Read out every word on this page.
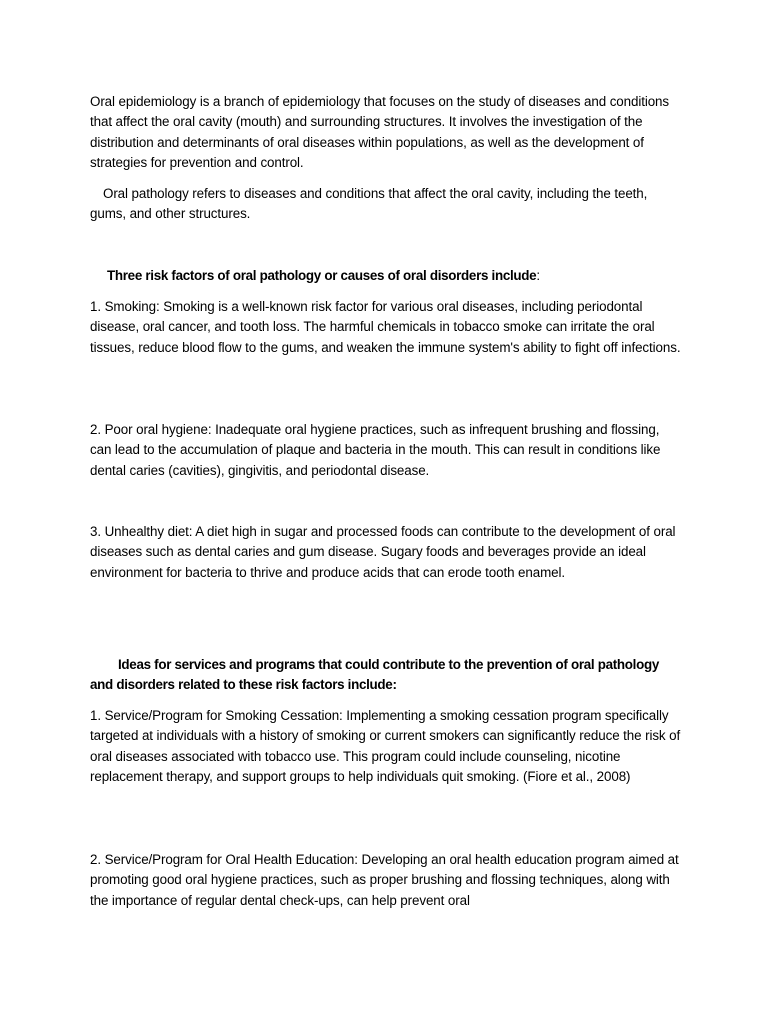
Oral epidemiology is a branch of epidemiology that focuses on the study of diseases and conditions that affect the oral cavity (mouth) and surrounding structures. It involves the investigation of the distribution and determinants of oral diseases within populations, as well as the development of strategies for prevention and control.

Oral pathology refers to diseases and conditions that affect the oral cavity, including the teeth, gums, and other structures.

Three risk factors of oral pathology or causes of oral disorders include:

1. Smoking: Smoking is a well-known risk factor for various oral diseases, including periodontal disease, oral cancer, and tooth loss. The harmful chemicals in tobacco smoke can irritate the oral tissues, reduce blood flow to the gums, and weaken the immune system's ability to fight off infections.

2. Poor oral hygiene: Inadequate oral hygiene practices, such as infrequent brushing and flossing, can lead to the accumulation of plaque and bacteria in the mouth. This can result in conditions like dental caries (cavities), gingivitis, and periodontal disease.

3. Unhealthy diet: A diet high in sugar and processed foods can contribute to the development of oral diseases such as dental caries and gum disease. Sugary foods and beverages provide an ideal environment for bacteria to thrive and produce acids that can erode tooth enamel.

Ideas for services and programs that could contribute to the prevention of oral pathology and disorders related to these risk factors include:

1. Service/Program for Smoking Cessation: Implementing a smoking cessation program specifically targeted at individuals with a history of smoking or current smokers can significantly reduce the risk of oral diseases associated with tobacco use. This program could include counseling, nicotine replacement therapy, and support groups to help individuals quit smoking. (Fiore et al., 2008)

2. Service/Program for Oral Health Education: Developing an oral health education program aimed at promoting good oral hygiene practices, such as proper brushing and flossing techniques, along with the importance of regular dental check-ups, can help prevent oral
